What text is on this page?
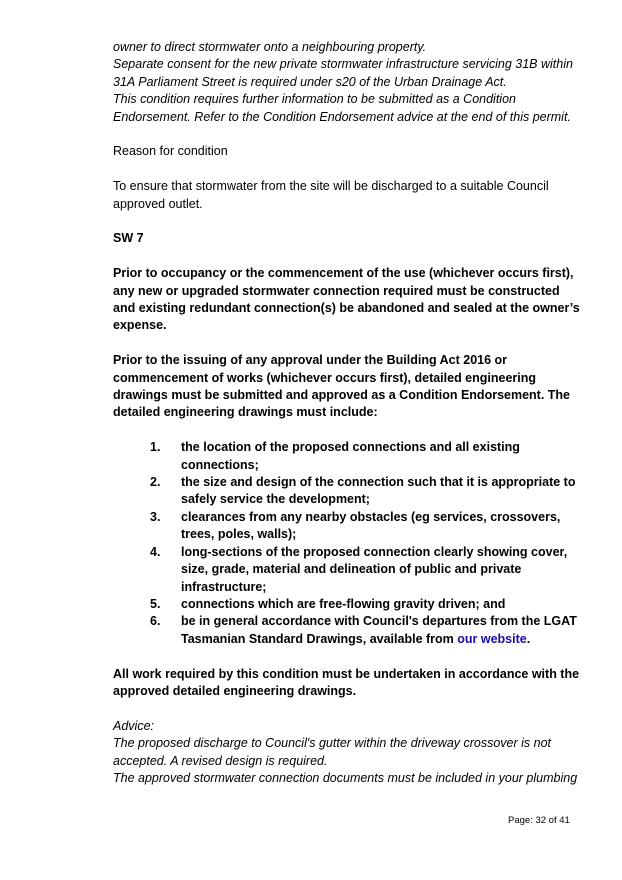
owner to direct stormwater onto a neighbouring property.

Separate consent for the new private stormwater infrastructure servicing 31B within

31A Parliament Street is required under s20 of the Urban Drainage Act.

This condition requires further information to be submitted as a Condition

Endorsement. Refer to the Condition Endorsement advice at the end of this permit.

Reason for condition

To ensure that stormwater from the site will be discharged to a suitable Council approved outlet.

SW 7

Prior to occupancy or the commencement of the use (whichever occurs first), any new or upgraded stormwater connection required must be constructed and existing redundant connection(s) be abandoned and sealed at the owner’s expense.

Prior to the issuing of any approval under the Building Act 2016 or commencement of works (whichever occurs first), detailed engineering drawings must be submitted and approved as a Condition Endorsement. The detailed engineering drawings must include:

1. the location of the proposed connections and all existing connections;
2. the size and design of the connection such that it is appropriate to safely service the development;
3. clearances from any nearby obstacles (eg services, crossovers, trees, poles, walls);
4. long-sections of the proposed connection clearly showing cover, size, grade, material and delineation of public and private infrastructure;
5. connections which are free-flowing gravity driven; and
6. be in general accordance with Council's departures from the LGAT Tasmanian Standard Drawings, available from our website.

All work required by this condition must be undertaken in accordance with the approved detailed engineering drawings.

Advice:

The proposed discharge to Council's gutter within the driveway crossover is not

accepted. A revised design is required.

The approved stormwater connection documents must be included in your plumbing

Page: 32 of 41
